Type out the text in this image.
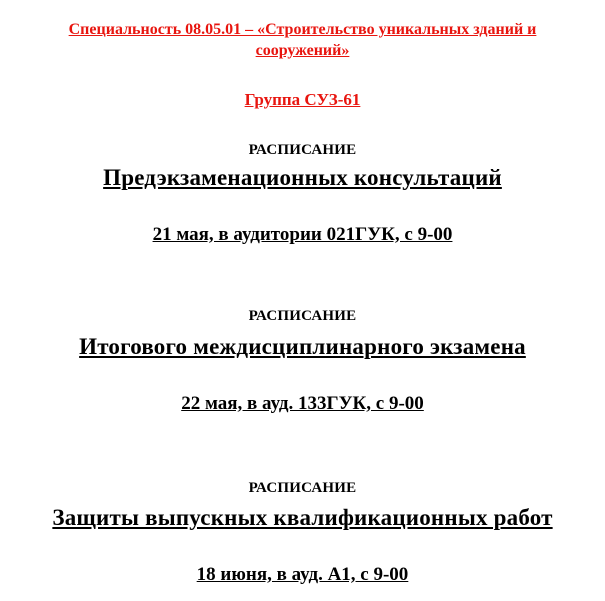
Специальность 08.05.01 – «Строительство уникальных зданий и
сооружений»
Группа СУЗ-61
РАСПИСАНИЕ
Предэкзаменационных консультаций
21 мая, в аудитории 021ГУК, с 9-00
РАСПИСАНИЕ
Итогового междисциплинарного экзамена
22 мая, в ауд. 133ГУК, с 9-00
РАСПИСАНИЕ
Защиты выпускных квалификационных работ
18 июня, в ауд. А1, с 9-00
